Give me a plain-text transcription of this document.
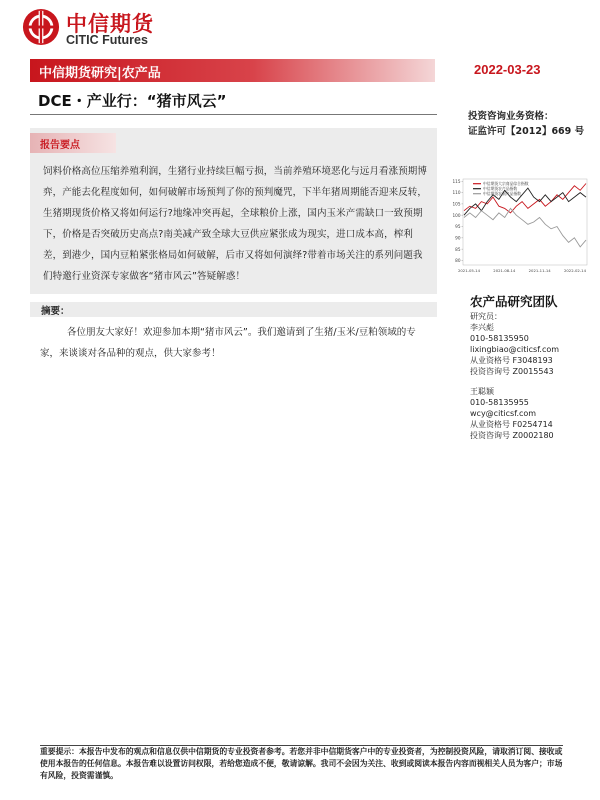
中信期货
CITIC Futures
中信期货研究|农产品	2022-03-23
DCE・产业行：“猪市风云”
投资咨询业务资格：
证监许可【2012】669 号
115
110
105
100
95
90
85
80
2021-05-14	2021-08-14	2021-11-14	2022-02-14
中信期货大宗商品综合指数
中信期货农产品指数
中信期货农副产品指数
农产品研究团队
研究员：
李兴彪
010-58135950
lixingbiao@citicsf.com
从业资格号 F3048193
投资咨询号 Z0015543
王聪颖
010-58135955
wcy@citicsf.com
从业资格号 F0254714
投资咨询号 Z0002180
报告要点
饲料价格高位压缩养殖利润，生猪行业持续巨幅亏损，当前养殖环境恶化与远月看涨预期博弈，产能去化程度如何，如何破解市场预判了你的预判魔咒，下半年猪周期能否迎来反转，生猪期现货价格又将如何运行?地缘冲突再起，全球粮价上涨，国内玉米产需缺口一致预期下，价格是否突破历史高点?南美减产致全球大豆供应紧张成为现实，进口成本高，榨利差，到港少，国内豆粕紧张格局如何破解，后市又将如何演绎?带着市场关注的系列问题我们特邀行业资深专家做客“猪市风云”答疑解惑！
摘要：
各位朋友大家好！欢迎参加本期“猪市风云”。我们邀请到了生猪/玉米/豆粕领域的专家，来谈谈对各品种的观点，供大家参考！
重要提示：本报告中发布的观点和信息仅供中信期货的专业投资者参考。若您并非中信期货客户中的专业投资者，为控制投资风险，请取消订阅、接收或使用本报告的任何信息。本报告难以设置访问权限，若给您造成不便，敬请谅解。我司不会因为关注、收到或阅读本报告内容而视相关人员为客户；市场有风险，投资需谨慎。
